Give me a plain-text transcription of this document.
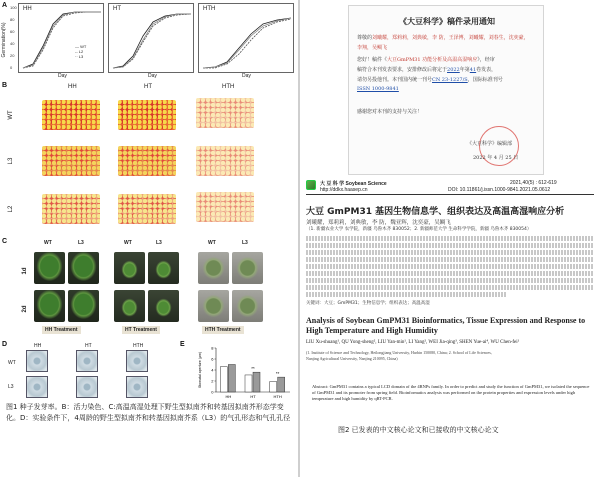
A
Germination(%)
HH
— WT
-- L2
·· L3
HT	HTH
Day	Day	Day
B	HH	HT	HTH
WT
L3
L2
C	WT	L3	WT	L3	WT	L3
1d
2d
HH Treatment	HT Treatment	HTH Treatment
D	HH	HT	HTH
WT
L3
E	8
6
4
2
0
Stomatal aperture (μm)
HH	HT	HTH
**
**
图1 种子发芽率。B：活力染色、C:高温高湿处理下野生型拟南芥和转基因拟南芥形态学变化。D：实验条件下，4周龄的野生型拟南芥和转基因拟南芥系（L3）的气孔形态和气孔孔径
《大豆科学》稿件录用通知
尊敬的刘曦耀，郑莉莉，刘典敏，李 防，王泽博，刘曦耀，刘春生，沈奕豪，
李翔，吴鲷飞
您好！稿件《大豆GmPM31 功能分析及高温高湿响应》，经审
稿符合本刊发表要求，安排修改后将定于2022年第41卷发表，
请勿另投他刊。本刊国内统一刊号CN 23-1227/S，国际标准刊号
ISSN 1000-9841
感谢您对本刊的支持与关注！
《大豆科学》编辑部
2022 年 4 月 25 日
大 豆 科 学 Soybean Science
http://ddkx.haasep.cn
2021,40(5) : 612-619
DOI: 10.11861/j.issn.1000-9841.2021.05.0612
大豆 GmPM31 基因生物信息学、组织表达及高温高湿响应分析
刘曦耀，郑莉莉，刘典敏，李 防，魏亚辉，沈奕豪，吴鲷飞
（1. 新疆农业大学 农学院，新疆 乌鲁木齐 830052；2. 新疆师范大学 生命科学学院，新疆 乌鲁木齐 830054）
关键词：大豆；GmPM31；生物信息学；组织表达；高温高湿
Analysis of Soybean GmPM31 Bioinformatics, Tissue Expression and Response to
High Temperature and High Humidity
LIU Xu-shuang¹, QU Yong-sheng², LIU Yan-min¹, LI Yang², WEI Jia-qing³, SHEN Yue-ai⁴, WU Chen-fei¹
(1. Institute of Science and Technology, Heilongjiang University, Harbin 150080, China; 2. School of Life Sciences,
Nanjing Agricultural University, Nanjing 210095, China)
Abstract: GmPM31 contains a typical LCD domain of the 4RNPs family. In order to predict and study the function of GmPM31, we isolated the sequence of GmPM31 and its promoter from spring field. Bioinformatics analysis was performed on the protein properties and expression levels under high temperature and high humidity by qRT-PCR.
图2 已发表的中文核心论文和已接收的中文核心论文
100
80
60
40
20
0
